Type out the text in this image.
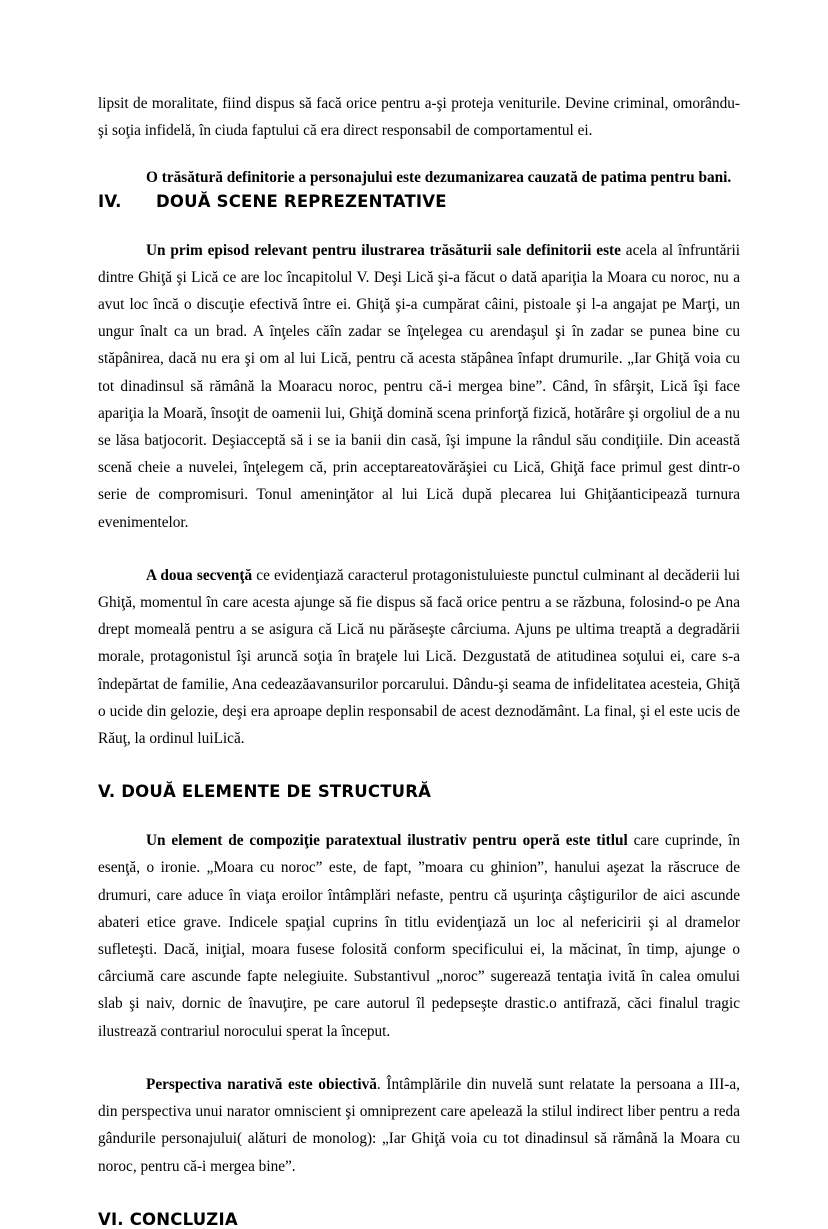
lipsit de moralitate, fiind dispus să facă orice pentru a-şi proteja veniturile. Devine criminal, omorându-şi soţia infidelă, în ciuda faptului că era direct responsabil de comportamentul ei.

O trăsătură definitorie a personajului este dezumanizarea cauzată de patima pentru bani.

IV. DOUĂ SCENE REPREZENTATIVE

Un prim episod relevant pentru ilustrarea trăsăturii sale definitorii este acela al înfruntării dintre Ghiţă şi Lică ce are loc încapitolul V. Deşi Lică şi-a făcut o dată apariţia la Moara cu noroc, nu a avut loc încă o discuţie efectivă între ei. Ghiţă şi-a cumpărat câini, pistoale şi l-a angajat pe Marţi, un ungur înalt ca un brad. A înţeles căîn zadar se înţelegea cu arendaşul şi în zadar se punea bine cu stăpânirea, dacă nu era şi om al lui Lică, pentru că acesta stăpânea înfapt drumurile. „Iar Ghiţă voia cu tot dinadinsul să rămână la Moaracu noroc, pentru că-i mergea bine”. Când, în sfârşit, Lică îşi face apariţia la Moară, însoţit de oamenii lui, Ghiţă domină scena prinforţă fizică, hotărâre şi orgoliul de a nu se lăsa batjocorit. Deşiacceptă să i se ia banii din casă, îşi impune la rândul său condiţiile. Din această scenă cheie a nuvelei, înţelegem că, prin acceptareatovărăşiei cu Lică, Ghiţă face primul gest dintr-o serie de compromisuri. Tonul ameninţător al lui Lică după plecarea lui Ghiţăanticipează turnura evenimentelor.

A doua secvenţă ce evidenţiază caracterul protagonistuluieste punctul culminant al decăderii lui Ghiţă, momentul în care acesta ajunge să fie dispus să facă orice pentru a se răzbuna, folosind-o pe Ana drept momeală pentru a se asigura că Lică nu părăseşte cârciuma. Ajuns pe ultima treaptă a degradării morale, protagonistul îşi aruncă soţia în braţele lui Lică. Dezgustată de atitudinea soţului ei, care s-a îndepărtat de familie, Ana cedeazăavansurilor porcarului. Dându-şi seama de infidelitatea acesteia, Ghiţă o ucide din gelozie, deşi era aproape deplin responsabil de acest deznodământ. La final, şi el este ucis de Răuţ, la ordinul luiLică.

V. DOUĂ ELEMENTE DE STRUCTURĂ

Un element de compoziţie paratextual ilustrativ pentru operă este titlul care cuprinde, în esenţă, o ironie. „Moara cu noroc” este, de fapt, ”moara cu ghinion”, hanului aşezat la răscruce de drumuri, care aduce în viaţa eroilor întâmplări nefaste, pentru că uşurinţa câştigurilor de aici ascunde abateri etice grave. Indicele spaţial cuprins în titlu evidenţiază un loc al nefericirii şi al dramelor sufleteşti. Dacă, iniţial, moara fusese folosită conform specificului ei, la măcinat, în timp, ajunge o cârciumă care ascunde fapte nelegiuite. Substantivul „noroc” sugerează tentaţia ivită în calea omului slab şi naiv, dornic de înavuţire, pe care autorul îl pedepseşte drastic.o antifrază, căci finalul tragic ilustrează contrariul norocului sperat la început.

Perspectiva narativă este obiectivă. Întâmplările din nuvelă sunt relatate la persoana a III-a, din perspectiva unui narator omniscient şi omniprezent care apelează la stilul indirect liber pentru a reda gândurile personajului( alături de monolog): „Iar Ghiţă voia cu tot dinadinsul să rămână la Moara cu noroc, pentru că-i mergea bine”.

VI. CONCLUZIA
